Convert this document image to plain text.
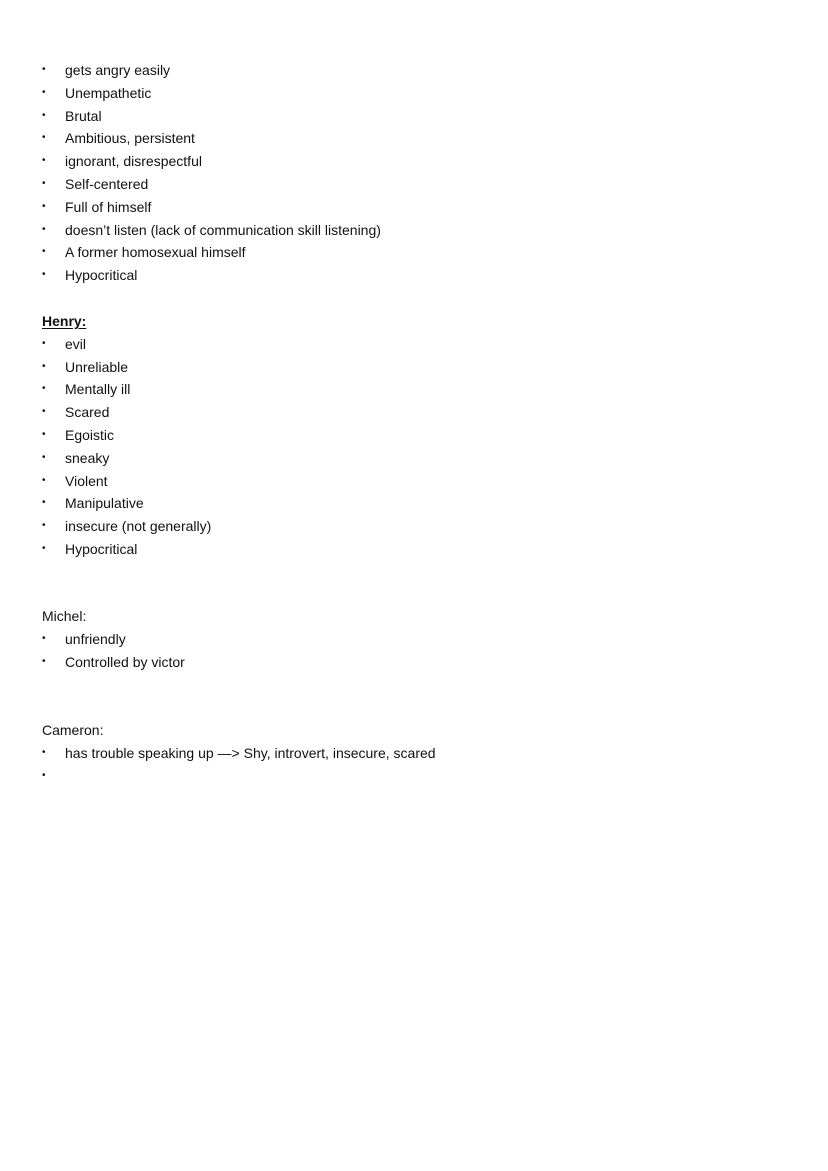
• gets angry easily
• Unempathetic
• Brutal
• Ambitious, persistent
• ignorant, disrespectful
• Self-centered
• Full of himself
• doesn’t listen (lack of communication skill listening)
• A former homosexual himself
• Hypocritical

Henry:

• evil
• Unreliable
• Mentally ill
• Scared
• Egoistic
• sneaky
• Violent
• Manipulative
• insecure (not generally)
• Hypocritical

Michel:

• unfriendly
• Controlled by victor

Cameron:

• has trouble speaking up —> Shy, introvert, insecure, scared
•
